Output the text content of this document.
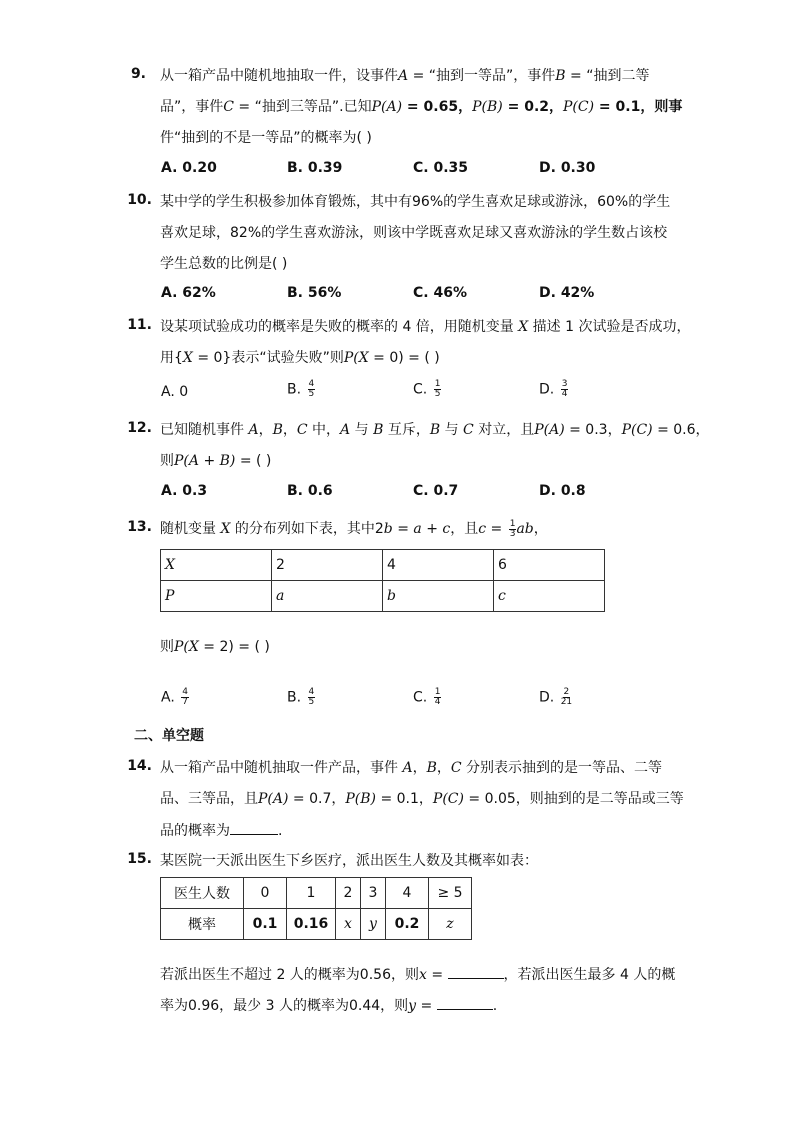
9. 从一箱产品中随机地抽取一件，设事件A = “抽到一等品”，事件B = “抽到二等
品”，事件C = “抽到三等品”.已知P(A) = 0.65，P(B) = 0.2，P(C) = 0.1，则事
件“抽到的不是一等品”的概率为( )
A. 0.20	B. 0.39	C. 0.35	D. 0.30
10. 某中学的学生积极参加体育锻炼，其中有96%的学生喜欢足球或游泳，60%的学生
喜欢足球，82%的学生喜欢游泳，则该中学既喜欢足球又喜欢游泳的学生数占该校
学生总数的比例是( )
A. 62%	B. 56%	C. 46%	D. 42%
11. 设某项试验成功的概率是失败的概率的 4 倍，用随机变量 X 描述 1 次试验是否成功，
用{X = 0}表示“试验失败”则P(X = 0) = ( )
A. 0	B. $\frac{4}{5}$	C. $\frac{1}{5}$	D. $\frac{3}{4}$
12. 已知随机事件 A，B，C 中，A 与 B 互斥，B 与 C 对立，且P(A) = 0.3，P(C) = 0.6，
则P(A + B) = ( )
A. 0.3	B. 0.6	C. 0.7	D. 0.8
13. 随机变量 X 的分布列如下表，其中2b = a + c，且$c = \frac{1}{3}$ ab，
X	2	4	6
P	a	b	c
则P(X = 2) = ( )
A. $\frac{4}{7}$	B. $\frac{4}{5}$	C. $\frac{1}{4}$	D. $\frac{2}{21}$
二、单空题
14. 从一箱产品中随机抽取一件产品，事件 A，B，C 分别表示抽到的是一等品、二等
品、三等品，且P(A) = 0.7，P(B) = 0.1，P(C) = 0.05，则抽到的是二等品或三等
品的概率为	.
15. 某医院一天派出医生下乡医疗，派出医生人数及其概率如表：
医生人数	0	1	2	3	4	≥ 5
概率	0.1	0.16	x	y	0.2	z
若派出医生不超过 2 人的概率为0.56，则x =	，若派出医生最多 4 人的概
率为0.96，最少 3 人的概率为0.44，则y =	.
